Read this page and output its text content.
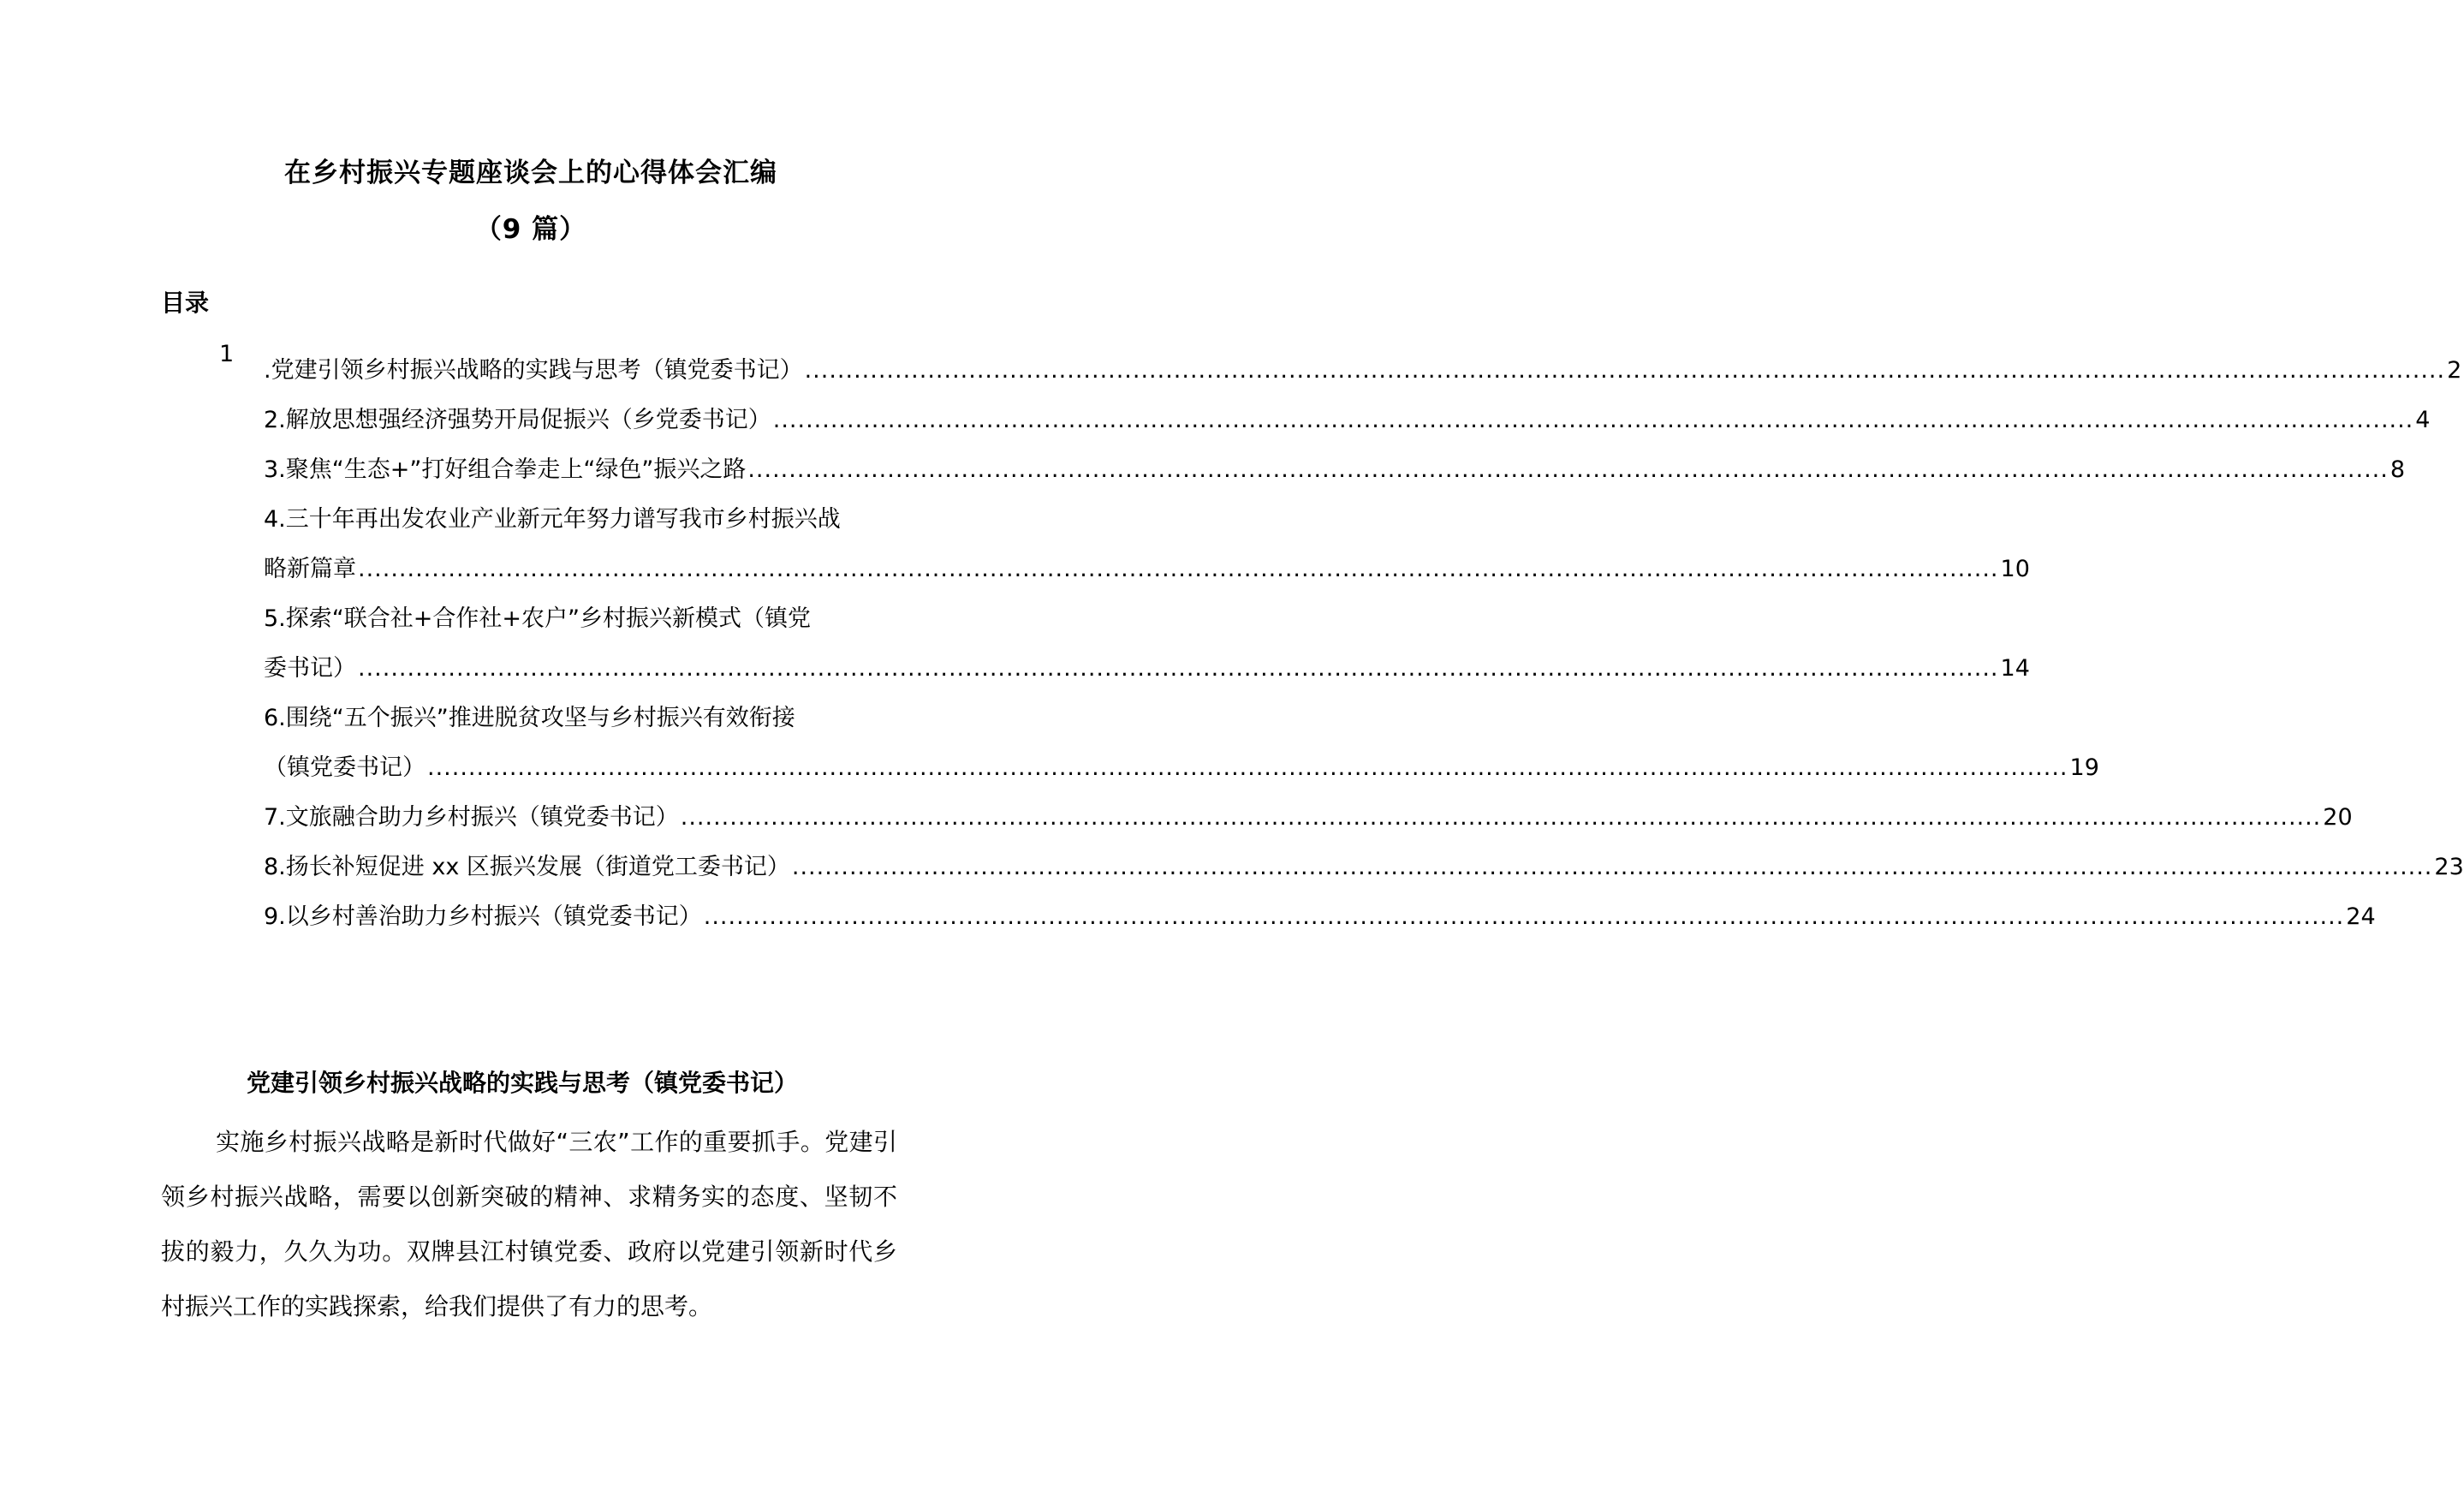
在乡村振兴专题座谈会上的心得体会汇编
（9 篇）
目录
1
.党建引领乡村振兴战略的实践与思考（镇党委书记） ........................................................................................................................................................................................................ 2
2.解放思想强经济强势开局促振兴（乡党委书记） ........................................................................................................................................................................................................ 4
3.聚焦“生态+”打好组合拳走上“绿色”振兴之路 ........................................................................................................................................................................................................ 8
4.三十年再出发农业产业新元年努力谱写我市乡村振兴战
略新篇章 ........................................................................................................................................................................................................ 10
5.探索“联合社+合作社+农户”乡村振兴新模式（镇党
委书记） ........................................................................................................................................................................................................ 14
6.围绕“五个振兴”推进脱贫攻坚与乡村振兴有效衔接
（镇党委书记） ........................................................................................................................................................................................................ 19
7.文旅融合助力乡村振兴（镇党委书记） ........................................................................................................................................................................................................ 20
8.扬长补短促进 xx 区振兴发展（街道党工委书记） ........................................................................................................................................................................................................ 23
9.以乡村善治助力乡村振兴（镇党委书记） ........................................................................................................................................................................................................ 24
党建引领乡村振兴战略的实践与思考（镇党委书记）
实施乡村振兴战略是新时代做好“三农”工作的重要抓手。党建引领乡村振兴战略，需要以创新突破的精神、求精务实的态度、坚韧不拔的毅力，久久为功。双牌县江村镇党委、政府以党建引领新时代乡村振兴工作的实践探索，给我们提供了有力的思考。
